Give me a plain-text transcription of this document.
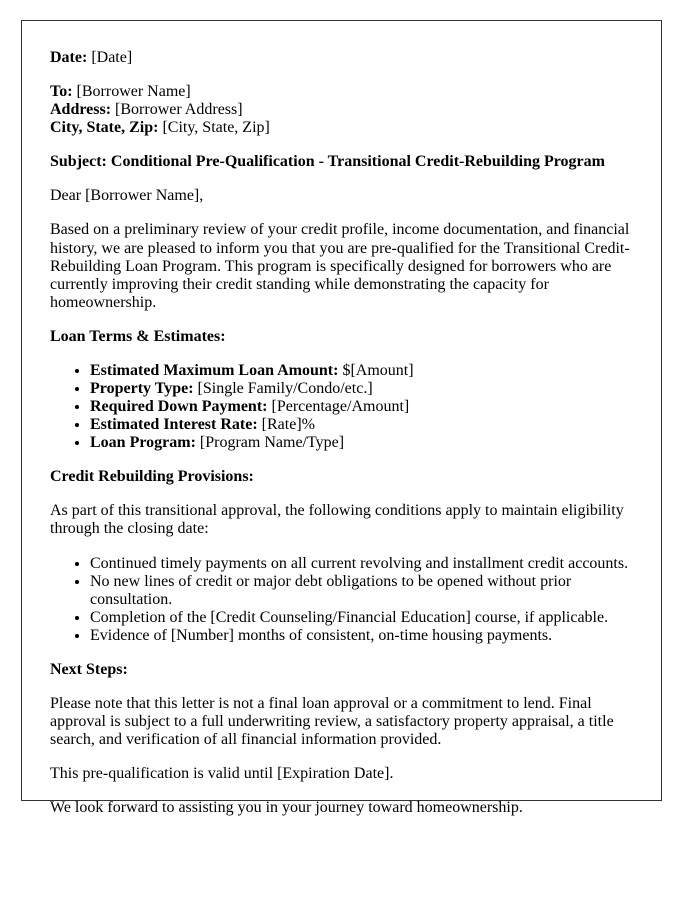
Date: [Date]

To: [Borrower Name]

Address: [Borrower Address]

City, State, Zip: [City, State, Zip]

Subject: Conditional Pre-Qualification - Transitional Credit-Rebuilding Program

Dear [Borrower Name],

Based on a preliminary review of your credit profile, income documentation, and financial history, we are pleased to inform you that you are pre-qualified for the Transitional Credit-Rebuilding Loan Program. This program is specifically designed for borrowers who are currently improving their credit standing while demonstrating the capacity for homeownership.

Loan Terms & Estimates:

• Estimated Maximum Loan Amount: $[Amount]
• Property Type: [Single Family/Condo/etc.]
• Required Down Payment: [Percentage/Amount]
• Estimated Interest Rate: [Rate]%
• Loan Program: [Program Name/Type]

Credit Rebuilding Provisions:

As part of this transitional approval, the following conditions apply to maintain eligibility through the closing date:

• Continued timely payments on all current revolving and installment credit accounts.
• No new lines of credit or major debt obligations to be opened without prior consultation.
• Completion of the [Credit Counseling/Financial Education] course, if applicable.
• Evidence of [Number] months of consistent, on-time housing payments.

Next Steps:

Please note that this letter is not a final loan approval or a commitment to lend. Final approval is subject to a full underwriting review, a satisfactory property appraisal, a title search, and verification of all financial information provided.

This pre-qualification is valid until [Expiration Date].

We look forward to assisting you in your journey toward homeownership.
